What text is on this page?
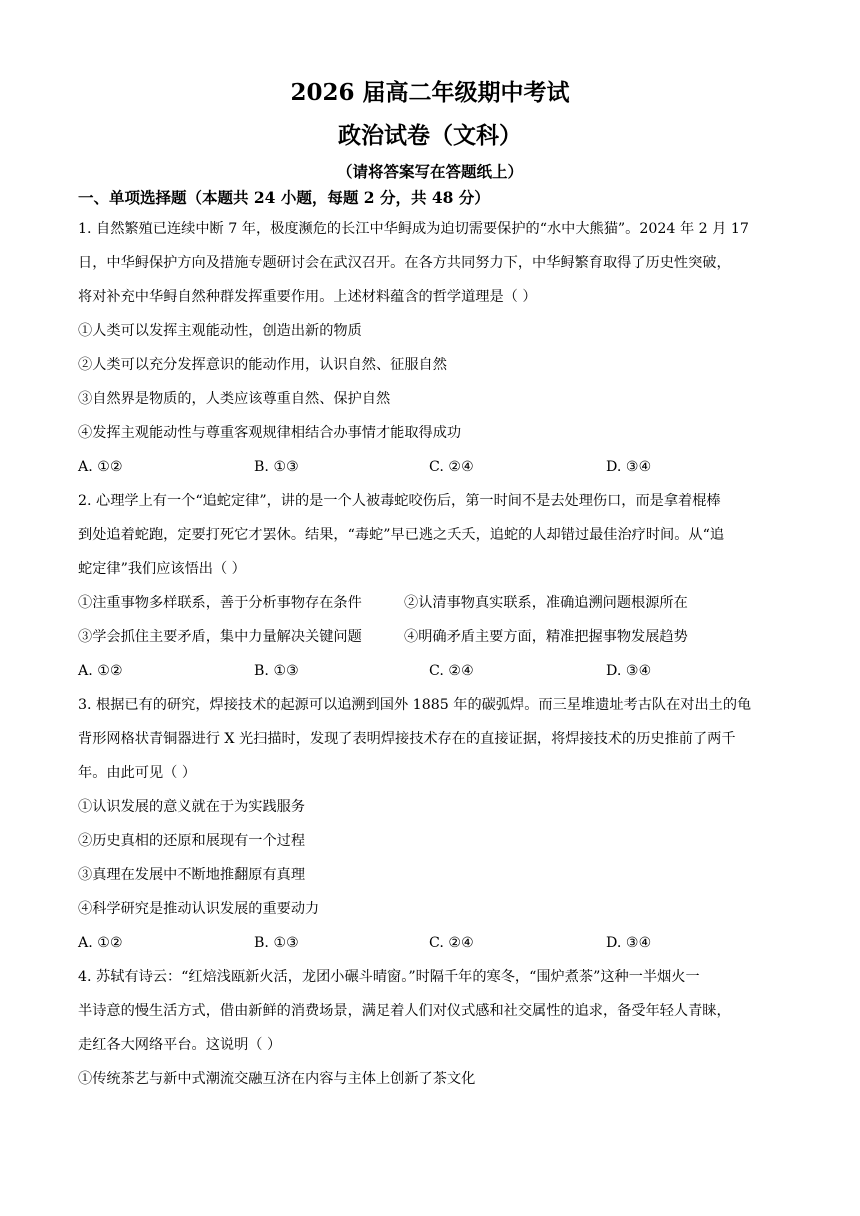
2026 届高二年级期中考试
政治试卷（文科）
（请将答案写在答题纸上）
一、单项选择题（本题共 24 小题，每题 2 分，共 48 分）
1. 自然繁殖已连续中断 7 年，极度濒危的长江中华鲟成为迫切需要保护的“水中大熊猫”。2024 年 2 月 17
日，中华鲟保护方向及措施专题研讨会在武汉召开。在各方共同努力下，中华鲟繁育取得了历史性突破，
将对补充中华鲟自然种群发挥重要作用。上述材料蕴含的哲学道理是（ ）
①人类可以发挥主观能动性，创造出新的物质
②人类可以充分发挥意识的能动作用，认识自然、征服自然
③自然界是物质的，人类应该尊重自然、保护自然
④发挥主观能动性与尊重客观规律相结合办事情才能取得成功
A. ①②	B. ①③	C. ②④	D. ③④
2. 心理学上有一个“追蛇定律”，讲的是一个人被毒蛇咬伤后，第一时间不是去处理伤口，而是拿着棍棒
到处追着蛇跑，定要打死它才罢休。结果，“毒蛇”早已逃之夭夭，追蛇的人却错过最佳治疗时间。从“追
蛇定律”我们应该悟出（ ）
①注重事物多样联系，善于分析事物存在条件	②认清事物真实联系，准确追溯问题根源所在
③学会抓住主要矛盾，集中力量解决关键问题	④明确矛盾主要方面，精准把握事物发展趋势
A. ①②	B. ①③	C. ②④	D. ③④
3. 根据已有的研究，焊接技术的起源可以追溯到国外 1885 年的碳弧焊。而三星堆遗址考古队在对出土的龟
背形网格状青铜器进行 X 光扫描时，发现了表明焊接技术存在的直接证据，将焊接技术的历史推前了两千
年。由此可见（ ）
①认识发展的意义就在于为实践服务
②历史真相的还原和展现有一个过程
③真理在发展中不断地推翻原有真理
④科学研究是推动认识发展的重要动力
A. ①②	B. ①③	C. ②④	D. ③④
4. 苏轼有诗云：“红焙浅瓯新火活，龙团小碾斗晴窗。”时隔千年的寒冬，“围炉煮茶”这种一半烟火一
半诗意的慢生活方式，借由新鲜的消费场景，满足着人们对仪式感和社交属性的追求，备受年轻人青睐，
走红各大网络平台。这说明（ ）
①传统茶艺与新中式潮流交融互济在内容与主体上创新了茶文化
